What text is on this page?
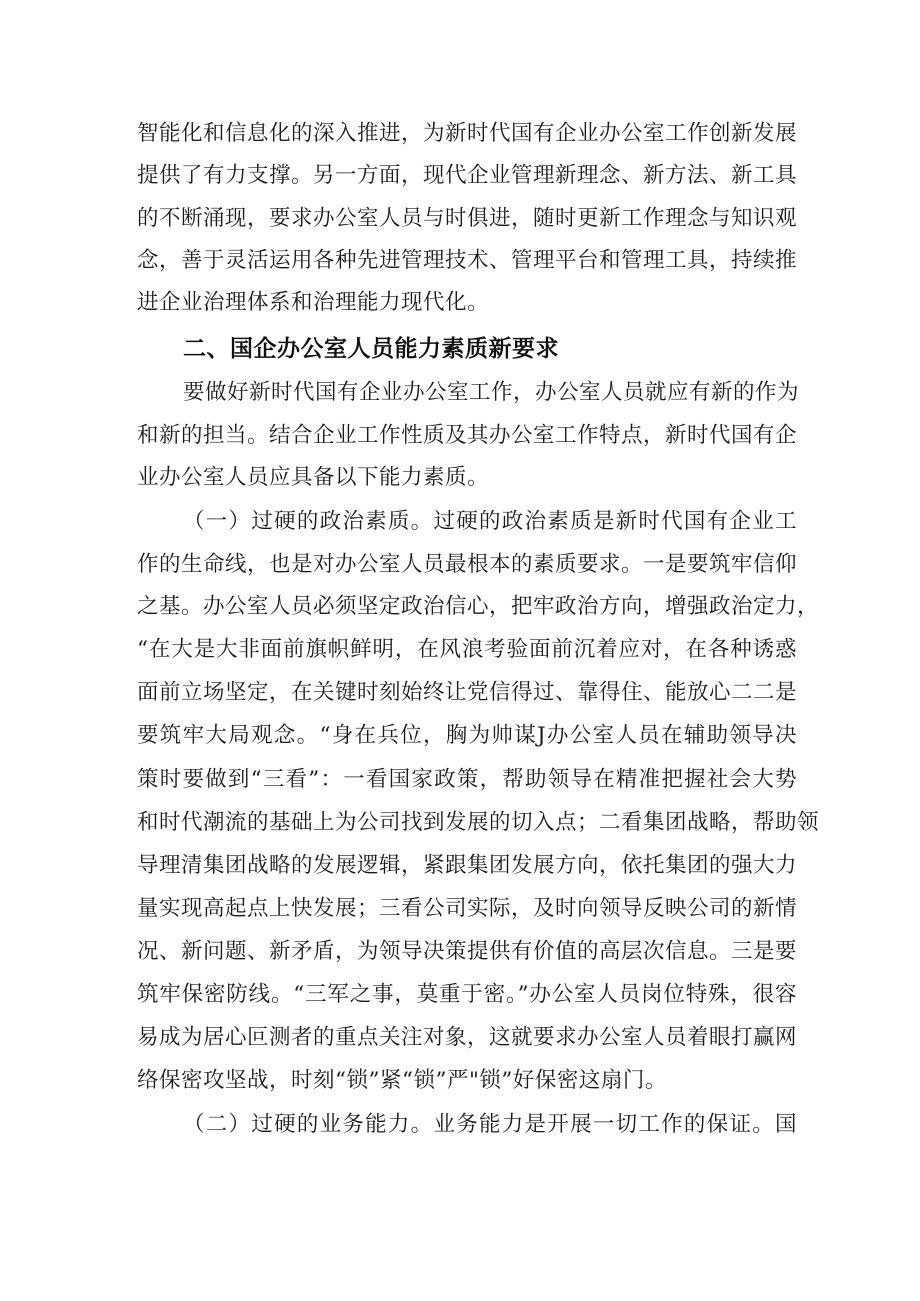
智能化和信息化的深入推进，为新时代国有企业办公室工作创新发展
提供了有力支撑。另一方面，现代企业管理新理念、新方法、新工具
的不断涌现，要求办公室人员与时俱进，随时更新工作理念与知识观
念，善于灵活运用各种先进管理技术、管理平台和管理工具，持续推
进企业治理体系和治理能力现代化。
二、国企办公室人员能力素质新要求
要做好新时代国有企业办公室工作，办公室人员就应有新的作为
和新的担当。结合企业工作性质及其办公室工作特点，新时代国有企
业办公室人员应具备以下能力素质。
（一）过硬的政治素质。过硬的政治素质是新时代国有企业工
作的生命线，也是对办公室人员最根本的素质要求。一是要筑牢信仰
之基。办公室人员必须坚定政治信心，把牢政治方向，增强政治定力，
“在大是大非面前旗帜鲜明，在风浪考验面前沉着应对，在各种诱惑
面前立场坚定，在关键时刻始终让党信得过、靠得住、能放心二二是
要筑牢大局观念。“身在兵位，胸为帅谋J办公室人员在辅助领导决
策时要做到“三看”：一看国家政策，帮助领导在精准把握社会大势
和时代潮流的基础上为公司找到发展的切入点；二看集团战略，帮助领
导理清集团战略的发展逻辑，紧跟集团发展方向，依托集团的强大力
量实现高起点上快发展；三看公司实际，及时向领导反映公司的新情
况、新问题、新矛盾，为领导决策提供有价值的高层次信息。三是要
筑牢保密防线。“三军之事，莫重于密。”办公室人员岗位特殊，很容
易成为居心叵测者的重点关注对象，这就要求办公室人员着眼打赢网
络保密攻坚战，时刻“锁”紧“锁”严"锁”好保密这扇门。
（二）过硬的业务能力。业务能力是开展一切工作的保证。国
